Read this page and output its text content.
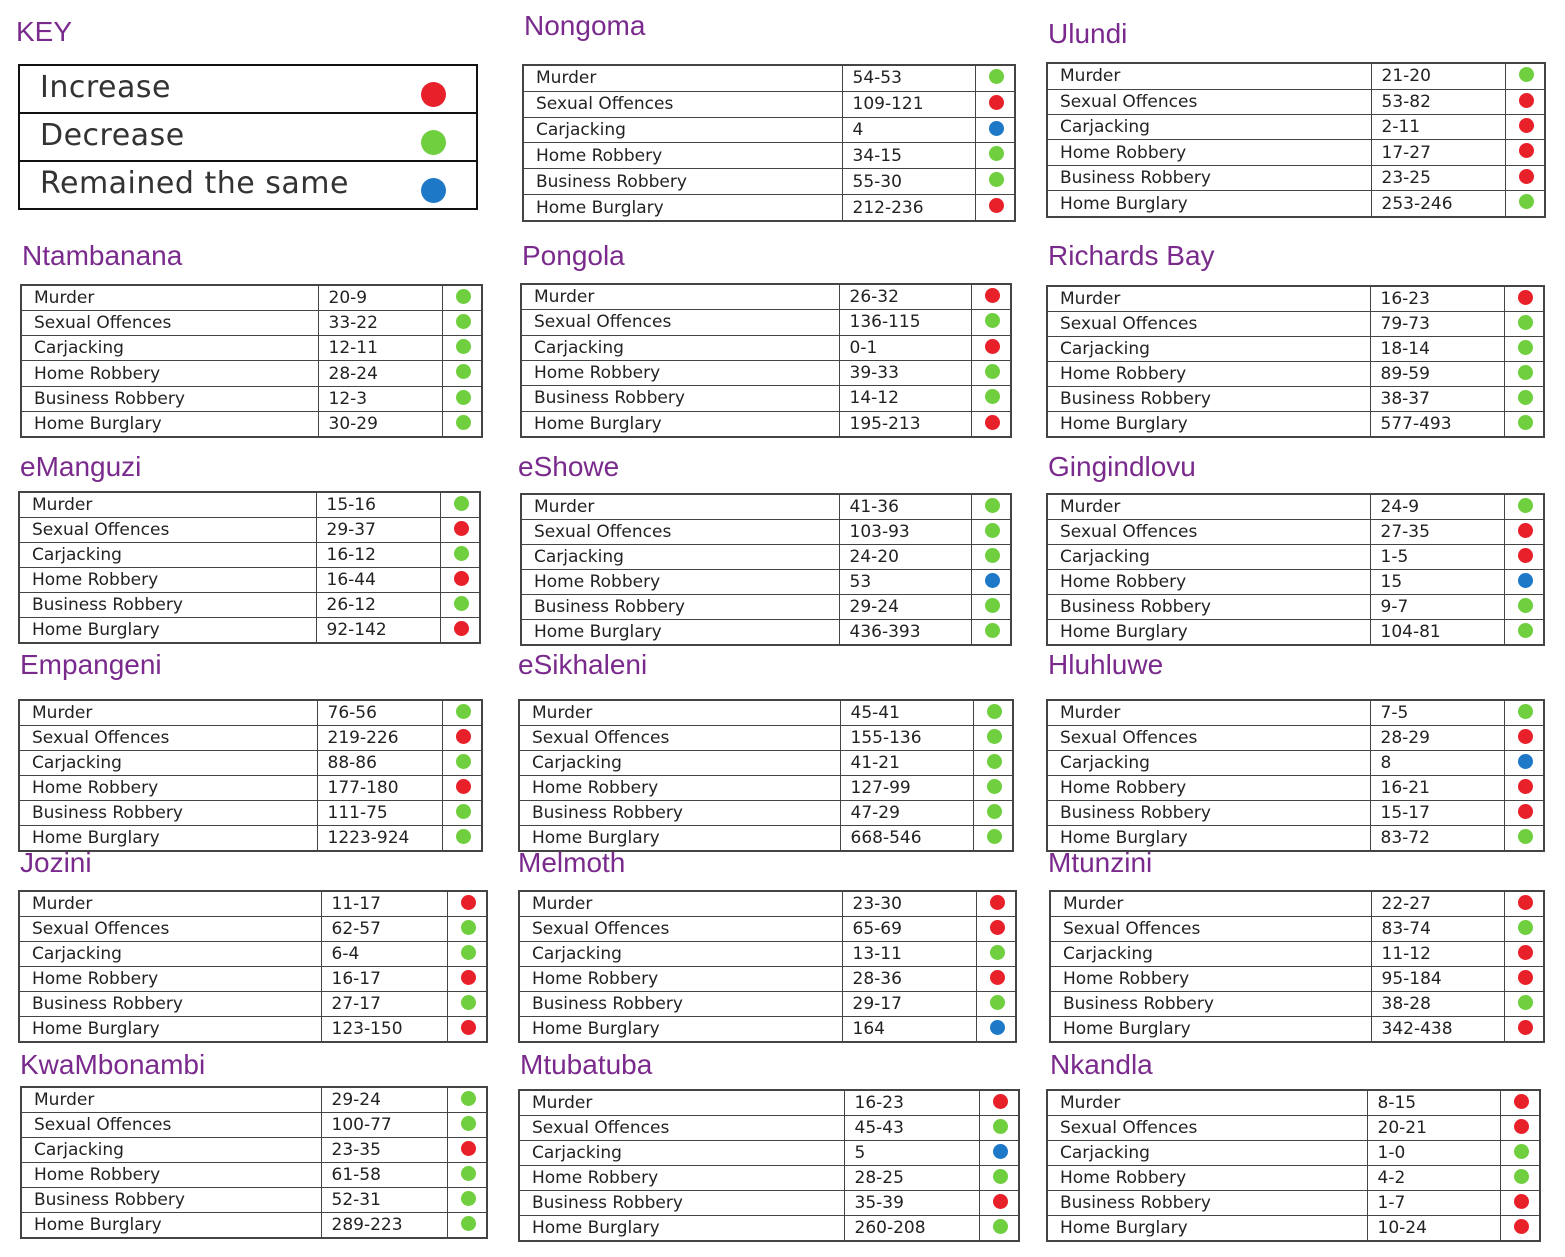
KEY
Increase
Decrease
Remained the same
Nongoma
Murder	54-53	

Sexual Offences	109-121	

Carjacking	4	

Home Robbery	34-15	

Business Robbery	55-30	

Home Burglary	212-236	
Ulundi
Murder	21-20	

Sexual Offences	53-82	

Carjacking	2-11	

Home Robbery	17-27	

Business Robbery	23-25	

Home Burglary	253-246	
Ntambanana
Murder	20-9	

Sexual Offences	33-22	

Carjacking	12-11	

Home Robbery	28-24	

Business Robbery	12-3	

Home Burglary	30-29	
Pongola
Murder	26-32	

Sexual Offences	136-115	

Carjacking	0-1	

Home Robbery	39-33	

Business Robbery	14-12	

Home Burglary	195-213	
Richards Bay
Murder	16-23	

Sexual Offences	79-73	

Carjacking	18-14	

Home Robbery	89-59	

Business Robbery	38-37	

Home Burglary	577-493	
eManguzi
Murder	15-16	

Sexual Offences	29-37	

Carjacking	16-12	

Home Robbery	16-44	

Business Robbery	26-12	

Home Burglary	92-142	
eShowe
Murder	41-36	

Sexual Offences	103-93	

Carjacking	24-20	

Home Robbery	53	

Business Robbery	29-24	

Home Burglary	436-393	
Gingindlovu
Murder	24-9	

Sexual Offences	27-35	

Carjacking	1-5	

Home Robbery	15	

Business Robbery	9-7	

Home Burglary	104-81	
Empangeni
Murder	76-56	

Sexual Offences	219-226	

Carjacking	88-86	

Home Robbery	177-180	

Business Robbery	111-75	

Home Burglary	1223-924	
eSikhaleni
Murder	45-41	

Sexual Offences	155-136	

Carjacking	41-21	

Home Robbery	127-99	

Business Robbery	47-29	

Home Burglary	668-546	
Hluhluwe
Murder	7-5	

Sexual Offences	28-29	

Carjacking	8	

Home Robbery	16-21	

Business Robbery	15-17	

Home Burglary	83-72	
Jozini
Murder	11-17	

Sexual Offences	62-57	

Carjacking	6-4	

Home Robbery	16-17	

Business Robbery	27-17	

Home Burglary	123-150	
Melmoth
Murder	23-30	

Sexual Offences	65-69	

Carjacking	13-11	

Home Robbery	28-36	

Business Robbery	29-17	

Home Burglary	164	
Mtunzini
Murder	22-27	

Sexual Offences	83-74	

Carjacking	11-12	

Home Robbery	95-184	

Business Robbery	38-28	

Home Burglary	342-438	
KwaMbonambi
Murder	29-24	

Sexual Offences	100-77	

Carjacking	23-35	

Home Robbery	61-58	

Business Robbery	52-31	

Home Burglary	289-223	
Mtubatuba
Murder	16-23	

Sexual Offences	45-43	

Carjacking	5	

Home Robbery	28-25	

Business Robbery	35-39	

Home Burglary	260-208	
Nkandla
Murder	8-15	

Sexual Offences	20-21	

Carjacking	1-0	

Home Robbery	4-2	

Business Robbery	1-7	

Home Burglary	10-24	
